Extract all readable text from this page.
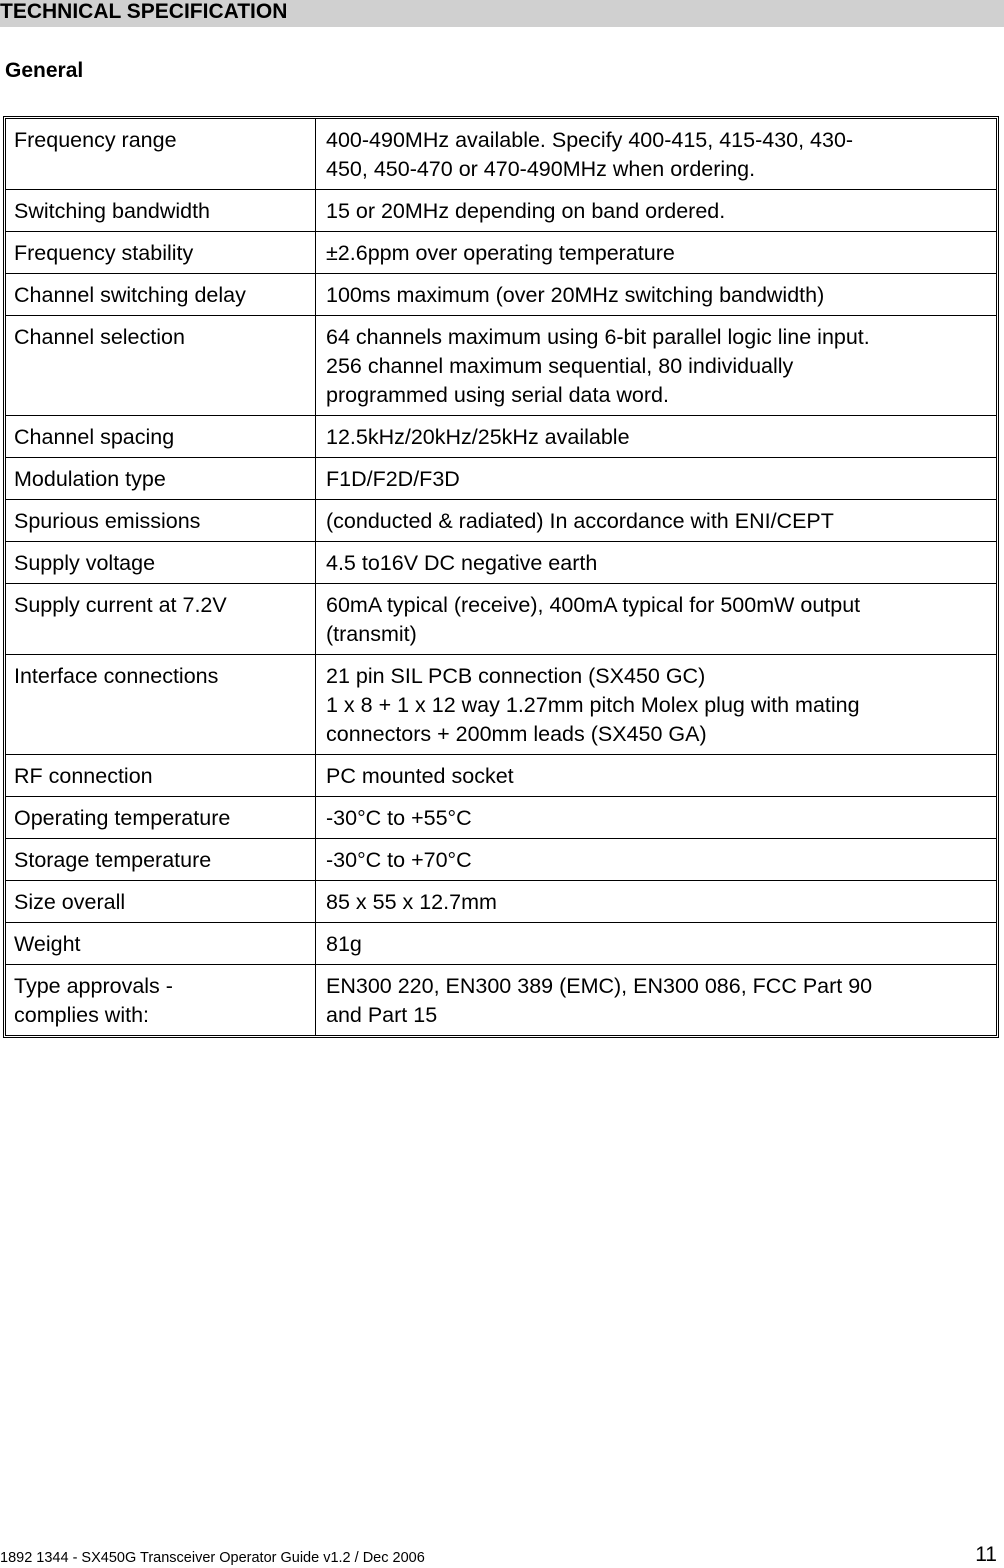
TECHNICAL SPECIFICATION
General
Frequency range	400-490MHz available. Specify 400-415, 415-430, 430-
450, 450-470 or 470-490MHz when ordering.
Switching bandwidth	15 or 20MHz depending on band ordered.
Frequency stability	±2.6ppm over operating temperature
Channel switching delay	100ms maximum (over 20MHz switching bandwidth)
Channel selection	64 channels maximum using 6-bit parallel logic line input.
256 channel maximum sequential, 80 individually
programmed using serial data word.
Channel spacing	12.5kHz/20kHz/25kHz available
Modulation type	F1D/F2D/F3D
Spurious emissions	(conducted & radiated) In accordance with ENI/CEPT
Supply voltage	4.5 to16V DC negative earth
Supply current at 7.2V	60mA typical (receive), 400mA typical for 500mW output
(transmit)
Interface connections	21 pin SIL PCB connection (SX450 GC)
1 x 8 + 1 x 12 way 1.27mm pitch Molex plug with mating
connectors + 200mm leads (SX450 GA)
RF connection	PC mounted socket
Operating temperature	-30°C to +55°C
Storage temperature	-30°C to +70°C
Size overall	85 x 55 x 12.7mm
Weight	81g
Type approvals -
complies with:	EN300 220, EN300 389 (EMC), EN300 086, FCC Part 90
and Part 15
1892 1344 - SX450G Transceiver Operator Guide v1.2 / Dec 2006	11
